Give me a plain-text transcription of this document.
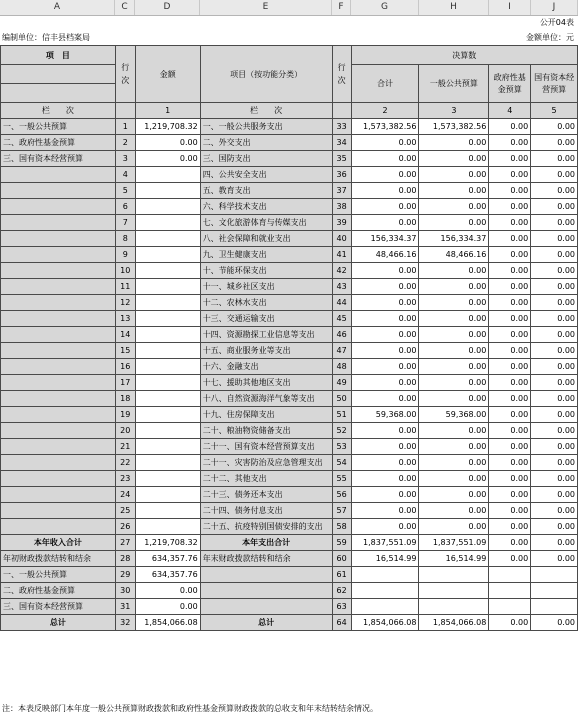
A	C	D	E	F	G	H	I	J
公开04表
编制单位：信丰县档案局	金额单位：元
项　目	行次	金额	项目（按功能分类）	行次	决算数			
					合计	一般公共预算	政府性基金预算	国有资本经营预算

栏　　次		1	栏　　次		2	3	4	5
一、一般公共预算	1	1,219,708.32	一、一般公共服务支出	33	1,573,382.56	1,573,382.56	0.00	0.00
二、政府性基金预算	2	0.00	二、外交支出	34	0.00	0.00	0.00	0.00
三、国有资本经营预算	3	0.00	三、国防支出	35	0.00	0.00	0.00	0.00
	4		四、公共安全支出	36	0.00	0.00	0.00	0.00
	5		五、教育支出	37	0.00	0.00	0.00	0.00
	6		六、科学技术支出	38	0.00	0.00	0.00	0.00
	7		七、文化旅游体育与传媒支出	39	0.00	0.00	0.00	0.00
	8		八、社会保障和就业支出	40	156,334.37	156,334.37	0.00	0.00
	9		九、卫生健康支出	41	48,466.16	48,466.16	0.00	0.00
	10		十、节能环保支出	42	0.00	0.00	0.00	0.00
	11		十一、城乡社区支出	43	0.00	0.00	0.00	0.00
	12		十二、农林水支出	44	0.00	0.00	0.00	0.00
	13		十三、交通运输支出	45	0.00	0.00	0.00	0.00
	14		十四、资源勘探工业信息等支出	46	0.00	0.00	0.00	0.00
	15		十五、商业服务业等支出	47	0.00	0.00	0.00	0.00
	16		十六、金融支出	48	0.00	0.00	0.00	0.00
	17		十七、援助其他地区支出	49	0.00	0.00	0.00	0.00
	18		十八、自然资源海洋气象等支出	50	0.00	0.00	0.00	0.00
	19		十九、住房保障支出	51	59,368.00	59,368.00	0.00	0.00
	20		二十、粮油物资储备支出	52	0.00	0.00	0.00	0.00
	21		二十一、国有资本经营预算支出	53	0.00	0.00	0.00	0.00
	22		二十一、灾害防治及应急管理支出	54	0.00	0.00	0.00	0.00
	23		二十二、其他支出	55	0.00	0.00	0.00	0.00
	24		二十三、债务还本支出	56	0.00	0.00	0.00	0.00
	25		二十四、债务付息支出	57	0.00	0.00	0.00	0.00
	26		二十五、抗疫特别国债安排的支出	58	0.00	0.00	0.00	0.00
本年收入合计	27	1,219,708.32	本年支出合计	59	1,837,551.09	1,837,551.09	0.00	0.00
年初财政拨款结转和结余	28	634,357.76	年末财政拨款结转和结余	60	16,514.99	16,514.99	0.00	0.00
一、一般公共预算	29	634,357.76		61				
二、政府性基金预算	30	0.00		62				
三、国有资本经营预算	31	0.00		63				
总计	32	1,854,066.08	总计	64	1,854,066.08	1,854,066.08	0.00	0.00
注：本表反映部门本年度一般公共预算财政拨款和政府性基金预算财政拨款的总收支和年末结转结余情况。
